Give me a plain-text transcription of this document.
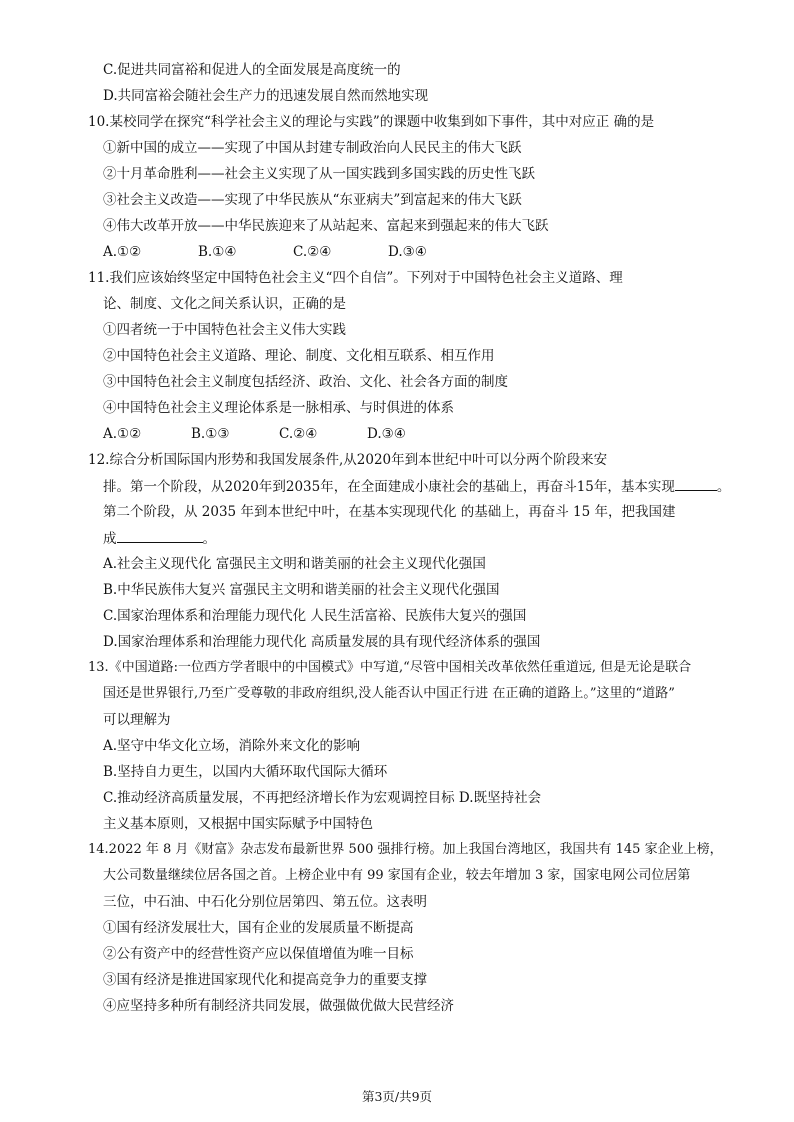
C.促进共同富裕和促进人的全面发展是高度统一的
D.共同富裕会随社会生产力的迅速发展自然而然地实现
10.某校同学在探究“科学社会主义的理论与实践”的课题中收集到如下事件，其中对应正 确的是
①新中国的成立——实现了中国从封建专制政治向人民民主的伟大飞跃
②十月革命胜利——社会主义实现了从一国实践到多国实践的历史性飞跃
③社会主义改造——实现了中华民族从“东亚病夫”到富起来的伟大飞跃
④伟大改革开放——中华民族迎来了从站起来、富起来到强起来的伟大飞跃
A.①②	B.①④	C.②④	D.③④
11.我们应该始终坚定中国特色社会主义“四个自信”。下列对于中国特色社会主义道路、理
论、制度、文化之间关系认识，正确的是
①四者统一于中国特色社会主义伟大实践
②中国特色社会主义道路、理论、制度、文化相互联系、相互作用
③中国特色社会主义制度包括经济、政治、文化、社会各方面的制度
④中国特色社会主义理论体系是一脉相承、与时俱进的体系
A.①②	B.①③	C.②④	D.③④
12.综合分析国际国内形势和我国发展条件,从2020年到本世纪中叶可以分两个阶段来安
排。第一个阶段，从2020年到2035年，在全面建成小康社会的基础上，再奋斗15年，基本实现	。
第二个阶段，从 2035 年到本世纪中叶，在基本实现现代化 的基础上，再奋斗 15 年，把我国建
成	。
A.社会主义现代化 富强民主文明和谐美丽的社会主义现代化强国
B.中华民族伟大复兴 富强民主文明和谐美丽的社会主义现代化强国
C.国家治理体系和治理能力现代化 人民生活富裕、民族伟大复兴的强国
D.国家治理体系和治理能力现代化 高质量发展的具有现代经济体系的强国
13.《中国道路:一位西方学者眼中的中国模式》中写道,“尽管中国相关改革依然任重道远, 但是无论是联合
国还是世界银行,乃至广受尊敬的非政府组织,没人能否认中国正行进 在正确的道路上。”这里的“道路”
可以理解为
A.坚守中华文化立场，消除外来文化的影响
B.坚持自力更生，以国内大循环取代国际大循环
C.推动经济高质量发展，不再把经济增长作为宏观调控目标 D.既坚持社会
主义基本原则，又根据中国实际赋予中国特色
14.2022 年 8 月《财富》杂志发布最新世界 500 强排行榜。加上我国台湾地区，我国共有 145 家企业上榜，
大公司数量继续位居各国之首。上榜企业中有 99 家国有企业，较去年增加 3 家，国家电网公司位居第
三位，中石油、中石化分别位居第四、第五位。这表明
①国有经济发展壮大，国有企业的发展质量不断提高
②公有资产中的经营性资产应以保值增值为唯一目标
③国有经济是推进国家现代化和提高竞争力的重要支撑
④应坚持多种所有制经济共同发展，做强做优做大民营经济
第3页/共9页
